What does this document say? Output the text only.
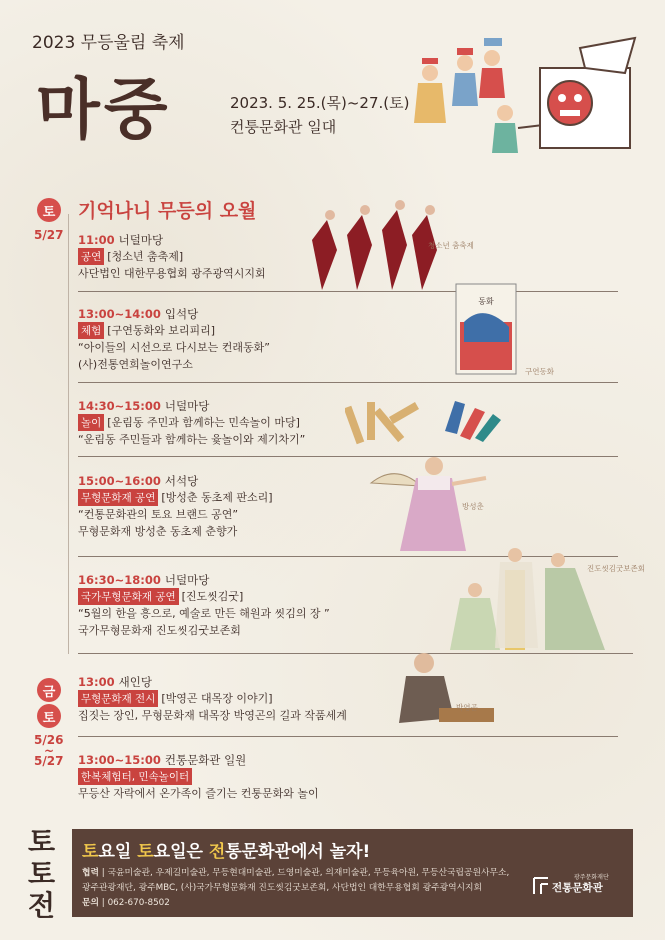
2023 무등울림 축제
마중	2023. 5. 25.(목)~27.(토)
컨퉁문화관 일대
토
5/27
기억나니 무등의 오월
11:00 너덜마당
공연 [청소년 춤축제]
사단법인 대한무용협회 광주광역시지회
청소년 춤축제
13:00~14:00 입석당
체험 [구연동화와 보리피리]
“아이들의 시선으로 다시보는 컨래동화”
(사)전통연희놀이연구소
동화
구연동화
14:30~15:00 너덜마당
놀이 [운림동 주민과 함께하는 민속놀이 마당]
“운림동 주민들과 함께하는 윷놀이와 제기차기”
15:00~16:00 서석당
무형문화재 공연 [방성춘 동초제 판소리]
“컨통문화관의 토요 브랜드 공연”
무형문화재 방성춘 동초제 춘향가
방성춘
16:30~18:00 너덜마당
국가무형문화재 공연 [진도씻김굿]
“5월의 한을 흥으로, 예술로 만든 해원과 씻김의 장 ”
국가무형문화재 진도씻김굿보존회
진도씻김굿보존회
금
토
5/26
~
5/27
13:00 새인당
무형문화재 전시 [박영곤 대목장 이야기]
집짓는 장인, 무형문화재 대목장 박영곤의 길과 작품세계
박영곤
13:00~15:00 컨통문화관 일원
한복체험터, 민속놀이터
무등산 자락에서 온가족이 즐기는 컨퉁문화와 놀이
토
토
전
토요일 토요일은 전통문화관에서 놀자!
협력 | 국윤미술관, 우제길미술관, 무등현대미술관, 드영미술관, 의재미술관, 무등육아원, 무등산국립공원사무소,
광주관광재단, 광주MBC, (사)국가무형문화재 진도씻김굿보존회, 사단법인 대한무용협회 광주광역시지회
문의 | 062-670-8502
광주문화재단
전통문화관
